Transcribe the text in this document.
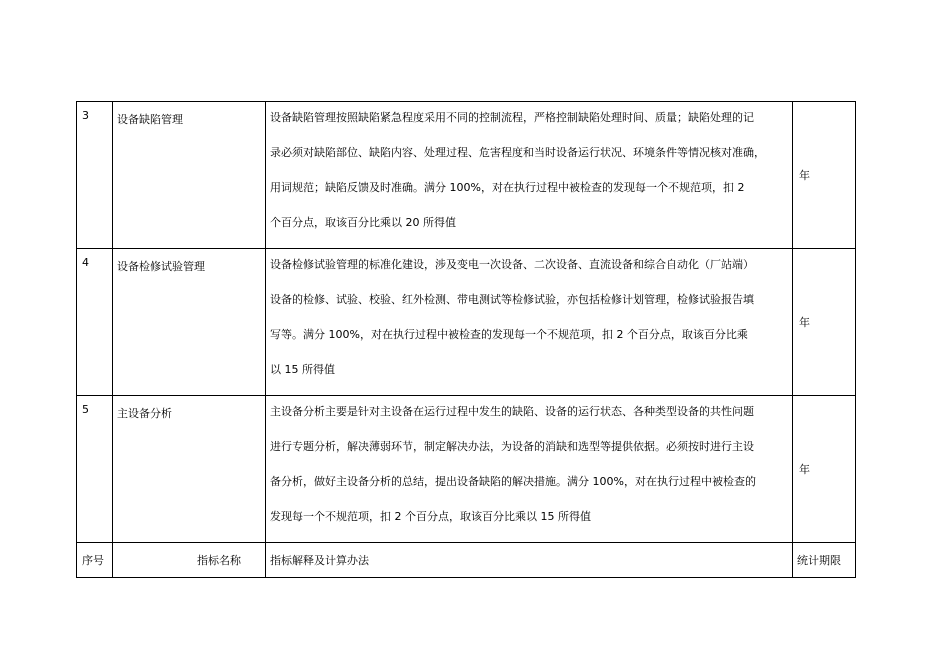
3	设备缺陷管理	设备缺陷管理按照缺陷紧急程度采用不同的控制流程，严格控制缺陷处理时间、质量；缺陷处理的记
录必须对缺陷部位、缺陷内容、处理过程、危害程度和当时设备运行状况、环境条件等情况核对准确，
用词规范；缺陷反馈及时准确。满分 100%，对在执行过程中被检查的发现每一个不规范项，扣 2
个百分点，取该百分比乘以 20 所得值	年
4	设备检修试验管理	设备检修试验管理的标准化建设，涉及变电一次设备、二次设备、直流设备和综合自动化（厂站端）
设备的检修、试验、校验、红外检测、带电测试等检修试验，亦包括检修计划管理，检修试验报告填
写等。满分 100%，对在执行过程中被检查的发现每一个不规范项，扣 2 个百分点，取该百分比乘
以 15 所得值	年
5	主设备分析	主设备分析主要是针对主设备在运行过程中发生的缺陷、设备的运行状态、各种类型设备的共性问题
进行专题分析，解决薄弱环节，制定解决办法，为设备的消缺和选型等提供依据。必须按时进行主设
备分析，做好主设备分析的总结，提出设备缺陷的解决措施。满分 100%，对在执行过程中被检查的
发现每一个不规范项，扣 2 个百分点，取该百分比乘以 15 所得值	年
序号	指标名称	指标解释及计算办法	统计期限
